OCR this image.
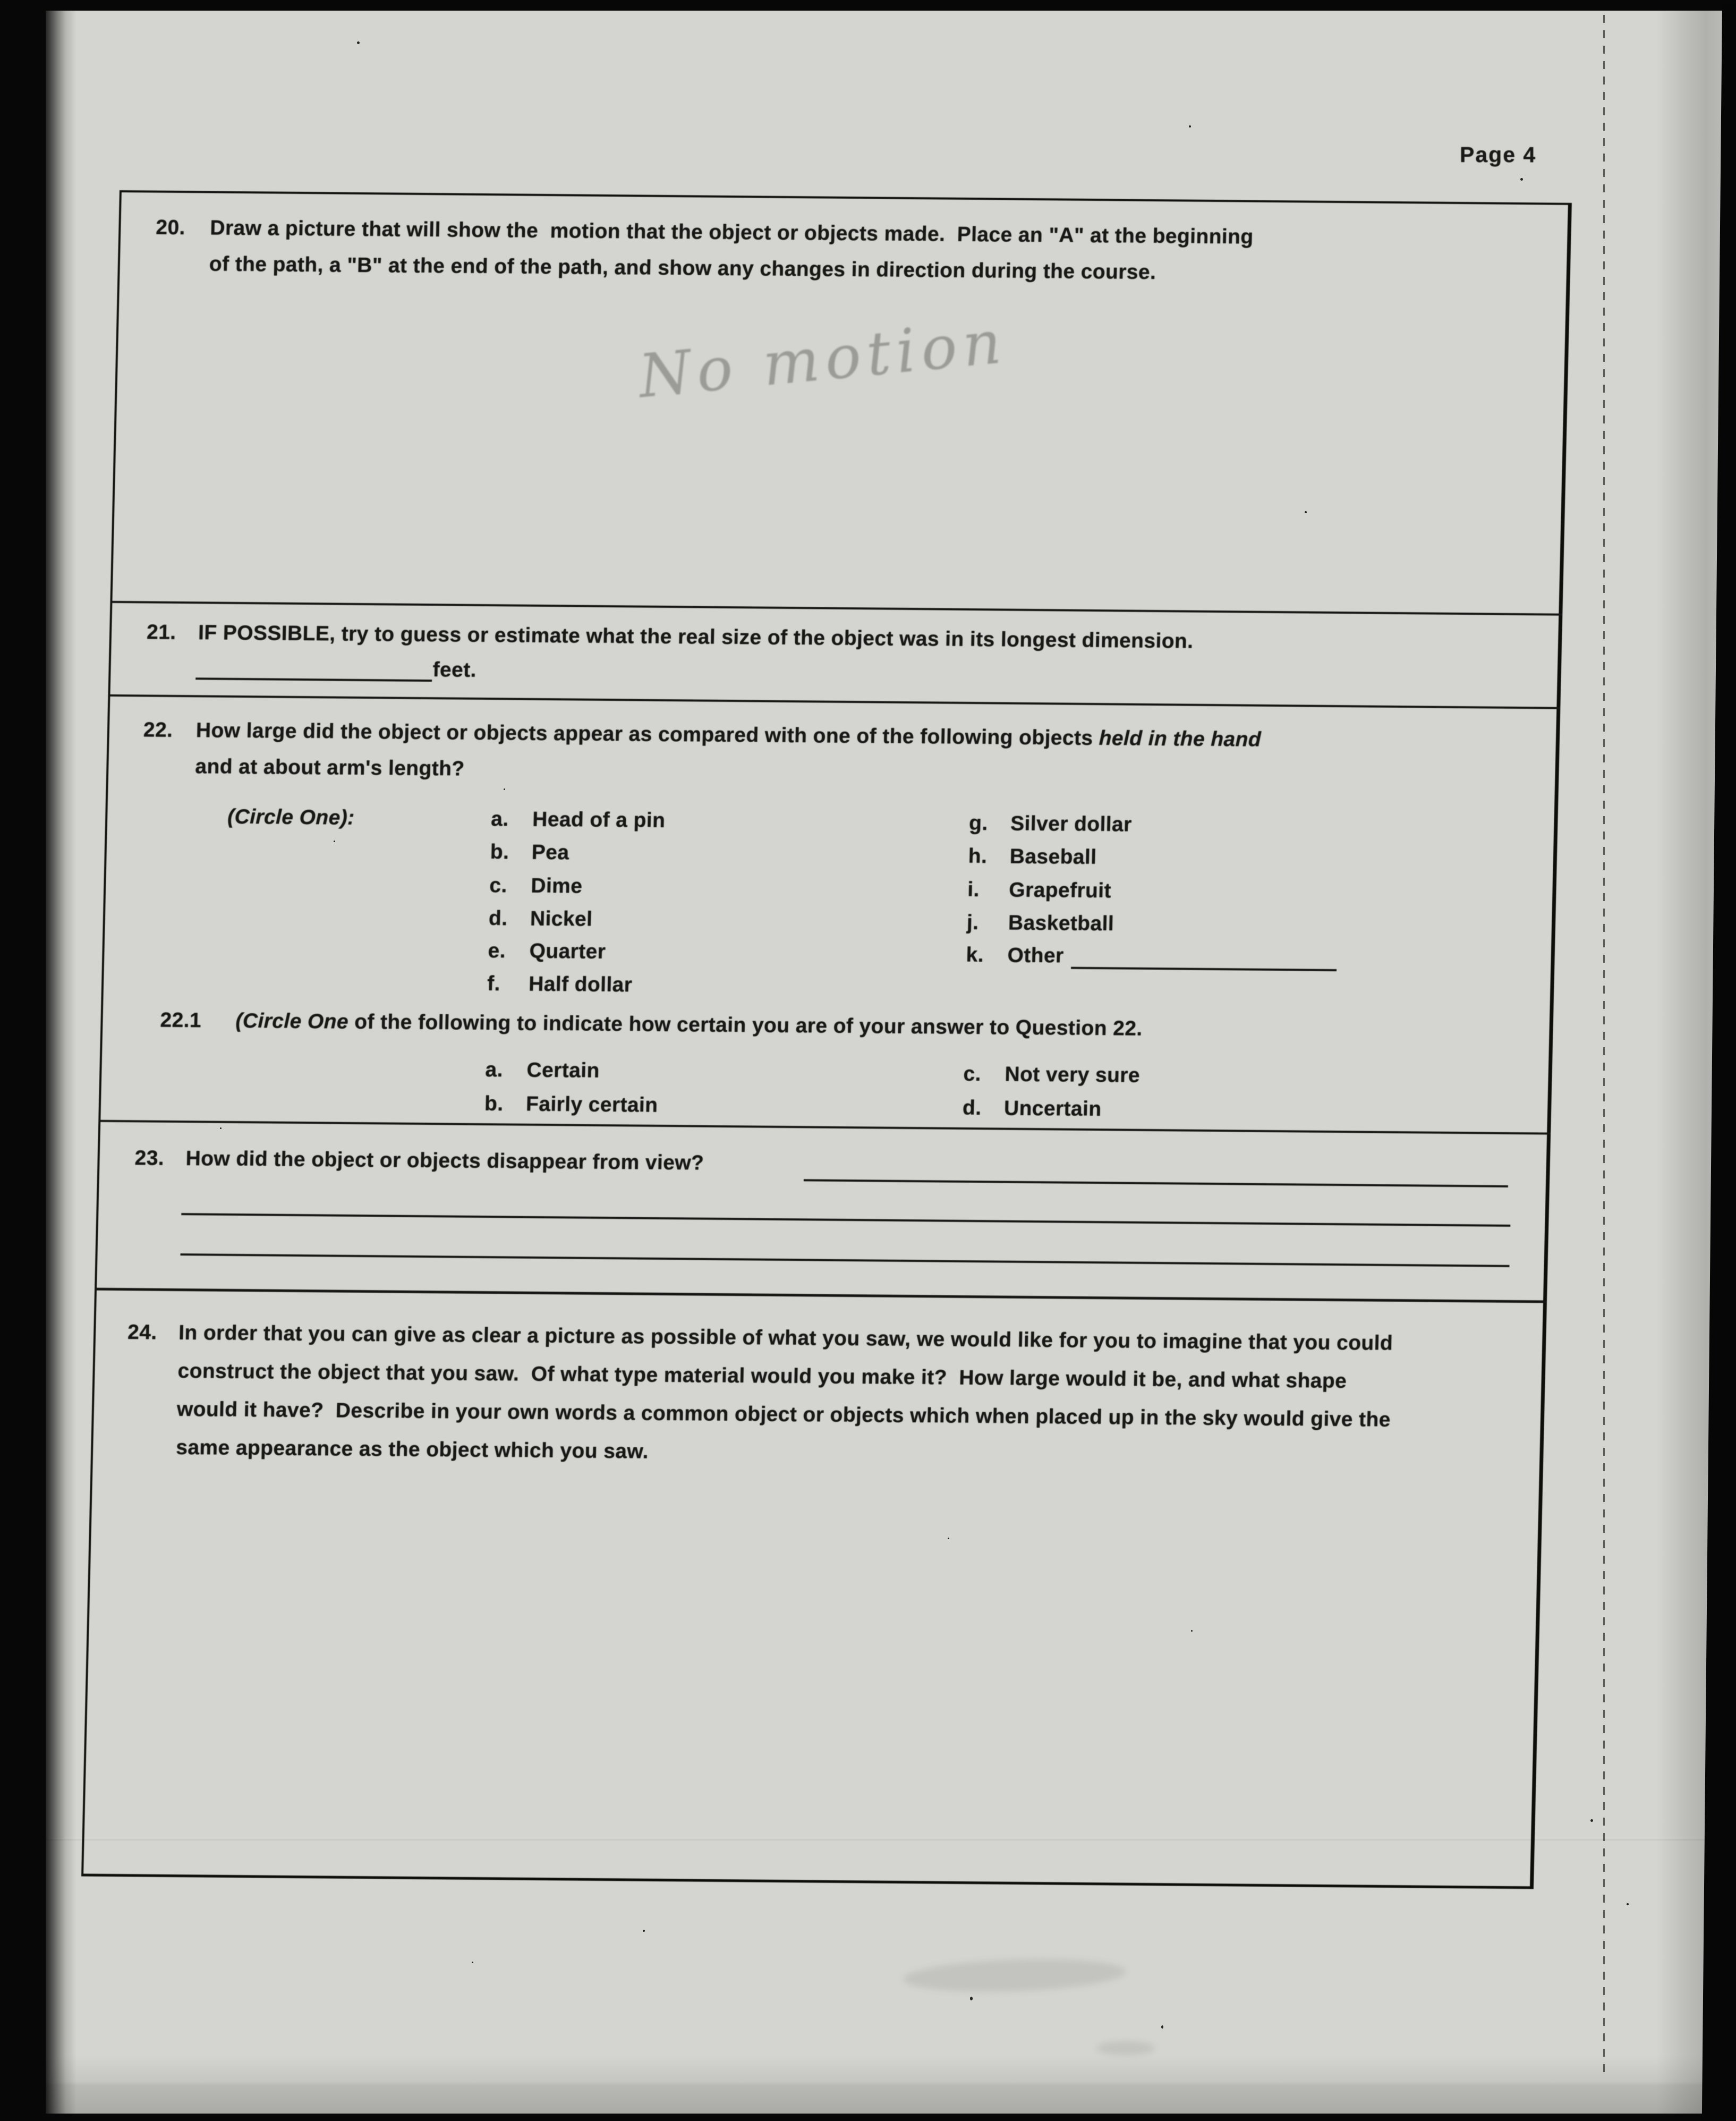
Page 4
20. Draw a picture that will show the  motion that the object or objects made.  Place an "A" at the beginning
of the path, a "B" at the end of the path, and show any changes in direction during the course.
No motion
21. IF POSSIBLE, try to guess or estimate what the real size of the object was in its longest dimension.
feet.
22. How large did the object or objects appear as compared with one of the following objects held in the hand
and at about arm's length?
(Circle One):	a. Head of a pin
b. Pea
c. Dime
d. Nickel
e. Quarter
f. Half dollar
g. Silver dollar
h. Baseball
i. Grapefruit
j. Basketball
k. Other
22.1 (Circle One of the following to indicate how certain you are of your answer to Question 22.
a. Certain
b. Fairly certain
c. Not very sure
d. Uncertain
23. How did the object or objects disappear from view?
24. In order that you can give as clear a picture as possible of what you saw, we would like for you to imagine that you could
construct the object that you saw.  Of what type material would you make it?  How large would it be, and what shape
would it have?  Describe in your own words a common object or objects which when placed up in the sky would give the
same appearance as the object which you saw.
